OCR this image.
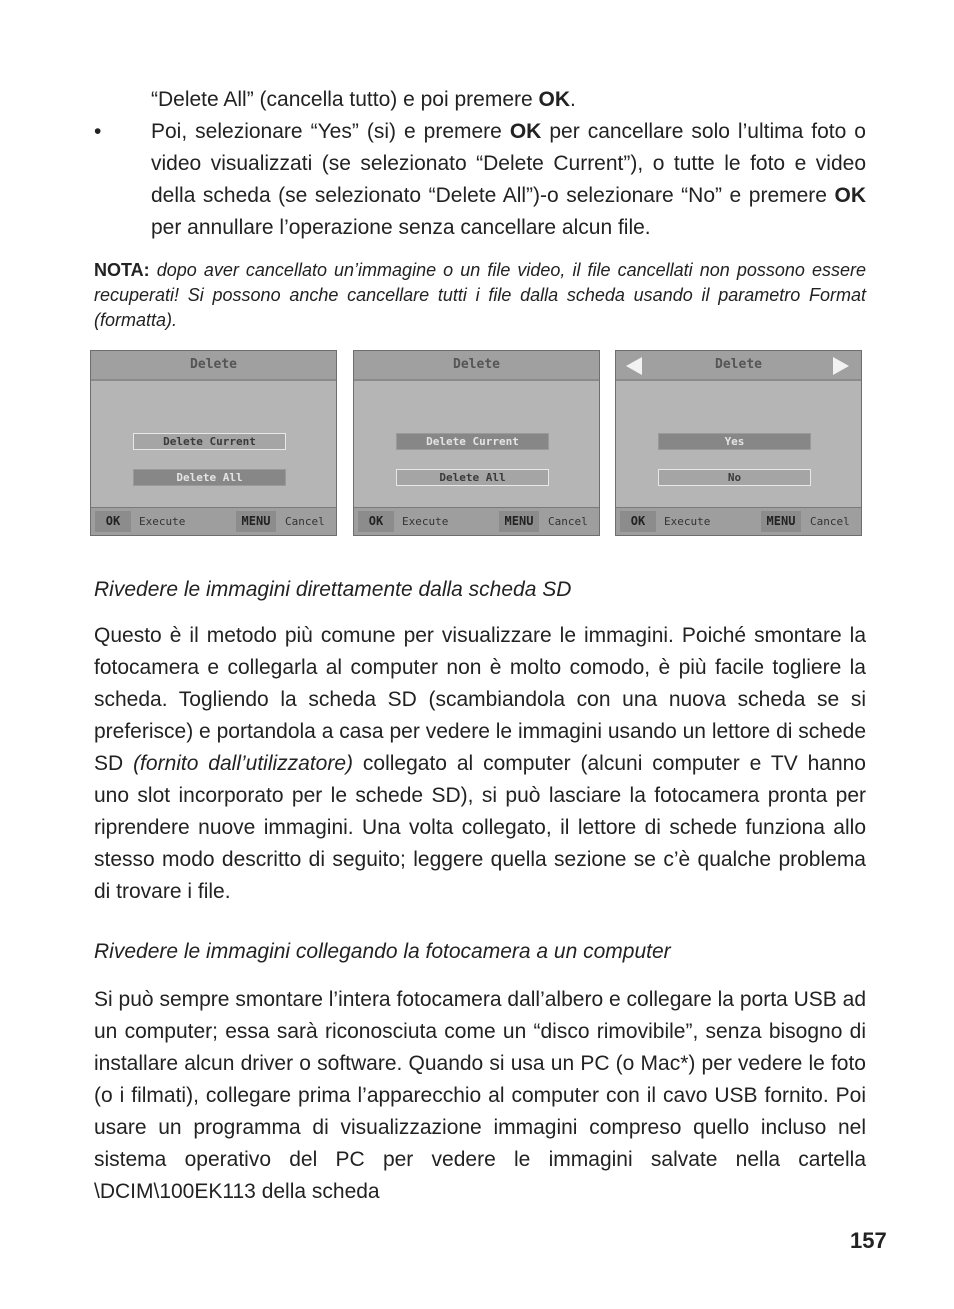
“Delete All” (cancella tutto) e poi premere OK.

• Poi, selezionare “Yes” (si) e premere OK per cancellare solo l’ultima foto o video visualizzati (se selezionato “Delete Current”), o tutte le foto e video della scheda (se selezionato “Delete All”)-o selezionare “No” e premere OK per annullare l’operazione senza cancellare alcun file.

NOTA: dopo aver cancellato un’immagine o un file video, il file cancellati non possono essere recuperati! Si possono anche cancellare tutti i file dalla scheda usando il parametro Format (formatta).

Delete
Delete Current
Delete All
OK	Execute	MENU	Cancel
Delete
Delete Current
Delete All
OK	Execute	MENU	Cancel
Delete
Yes
No
OK	Execute	MENU	Cancel
Rivedere le immagini direttamente dalla scheda SD

Questo è il metodo più comune per visualizzare le immagini. Poiché smontare la fotocamera e collegarla al computer non è molto comodo, è più facile togliere la scheda. Togliendo la scheda SD (scambiandola con una nuova scheda se si preferisce) e portandola a casa per vedere le immagini usando un lettore di schede SD (fornito dall’utilizzatore) collegato al computer (alcuni computer e TV hanno uno slot incorporato per le schede SD), si può lasciare la fotocamera pronta per riprendere nuove immagini. Una volta collegato, il lettore di schede funziona allo stesso modo descritto di seguito; leggere quella sezione se c’è qualche problema di trovare i file.

Rivedere le immagini collegando la fotocamera a un computer

Si può sempre smontare l’intera fotocamera dall’albero e collegare la porta USB ad un computer; essa sarà riconosciuta come un “disco rimovibile”, senza bisogno di installare alcun driver o software. Quando si usa un PC (o Mac*) per vedere le foto (o i filmati), collegare prima l’apparecchio al computer con il cavo USB fornito. Poi usare un programma di visualizzazione immagini compreso quello incluso nel sistema operativo del PC per vedere le immagini salvate nella cartella \DCIM\100EK113 della scheda

157
